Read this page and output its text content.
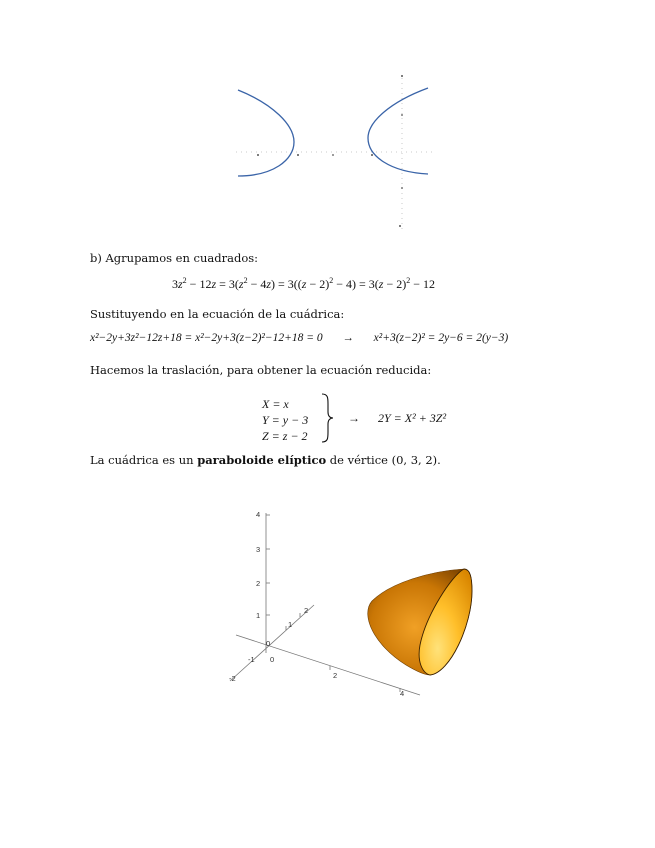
b) Agrupamos en cuadrados:
$3z^2 - 12z = 3(z^2 - 4z) = 3((z - 2)^2 - 4) = 3(z - 2)^2 - 12$
Sustituyendo en la ecuación de la cuádrica:
x²−2y+3z²−12z+18 = x²−2y+3(z−2)²−12+18 = 0 → x²+3(z−2)² = 2y−6 = 2(y−3)
Hacemos la traslación, para obtener la ecuación reducida:
X = x
Y = y − 3
Z = z − 2
→ 2Y = X² + 3Z²
La cuádrica es un paraboloide elíptico de vértice (0, 3, 2).
4
3
2
1
0
2
1
-1
-2
0
2
4
